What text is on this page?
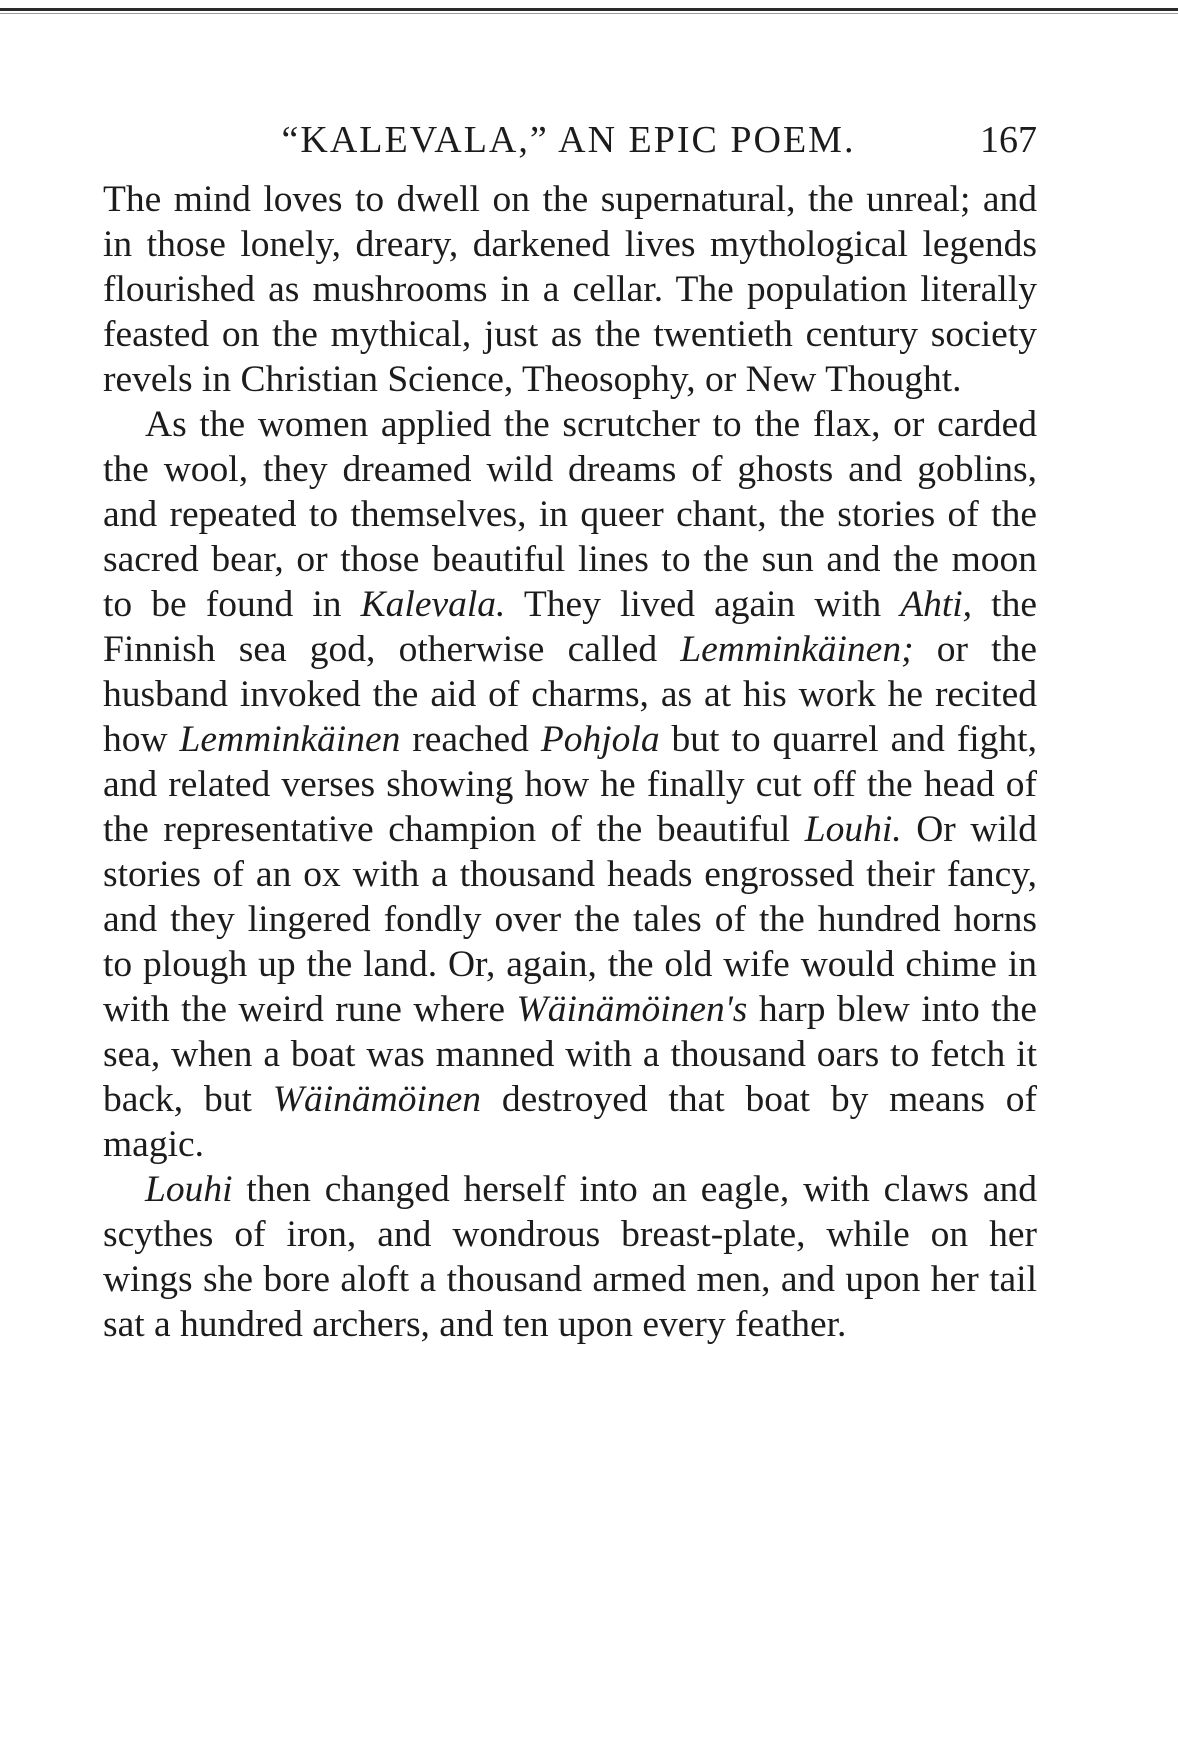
“KALEVALA,” AN EPIC POEM.	167

The mind loves to dwell on the supernatural, the unreal; and in those lonely, dreary, darkened lives mythological legends flourished as mushrooms in a cellar. The population literally feasted on the mythical, just as the twentieth century society revels in Christian Science, Theosophy, or New Thought.

As the women applied the scrutcher to the flax, or carded the wool, they dreamed wild dreams of ghosts and goblins, and repeated to themselves, in queer chant, the stories of the sacred bear, or those beautiful lines to the sun and the moon to be found in Kalevala. They lived again with Ahti, the Finnish sea god, otherwise called Lemminkäinen; or the husband invoked the aid of charms, as at his work he recited how Lemminkäinen reached Pohjola but to quarrel and fight, and related verses showing how he finally cut off the head of the representative champion of the beautiful Louhi. Or wild stories of an ox with a thousand heads engrossed their fancy, and they lingered fondly over the tales of the hundred horns to plough up the land. Or, again, the old wife would chime in with the weird rune where Wäinämöinen's harp blew into the sea, when a boat was manned with a thousand oars to fetch it back, but Wäinämöinen destroyed that boat by means of magic.

Louhi then changed herself into an eagle, with claws and scythes of iron, and wondrous breast-plate, while on her wings she bore aloft a thousand armed men, and upon her tail sat a hundred archers, and ten upon every feather.
